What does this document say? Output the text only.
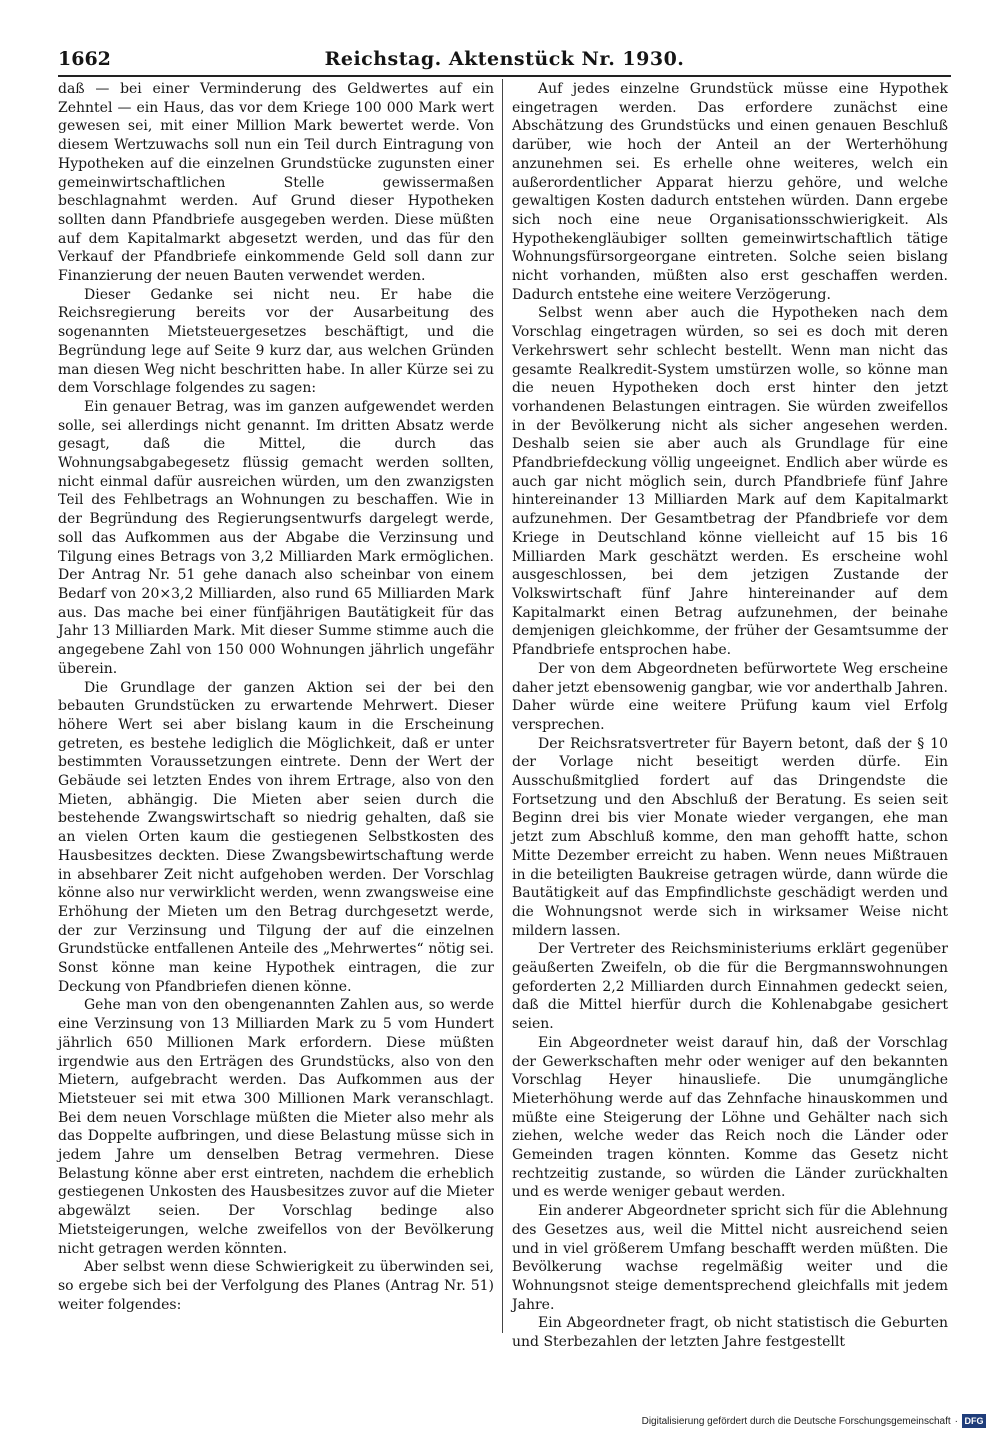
1662	Reichstag. Aktenstück Nr. 1930.

daß — bei einer Verminderung des Geldwertes auf ein Zehntel — ein Haus, das vor dem Kriege 100 000 Mark wert gewesen sei, mit einer Million Mark bewertet werde. Von diesem Wertzuwachs soll nun ein Teil durch Eintragung von Hypotheken auf die einzelnen Grundstücke zugunsten einer gemeinwirtschaftlichen Stelle gewissermaßen beschlagnahmt werden. Auf Grund dieser Hypotheken sollten dann Pfandbriefe ausgegeben werden. Diese müßten auf dem Kapitalmarkt abgesetzt werden, und das für den Verkauf der Pfandbriefe einkommende Geld soll dann zur Finanzierung der neuen Bauten verwendet werden.

Dieser Gedanke sei nicht neu. Er habe die Reichsregierung bereits vor der Ausarbeitung des sogenannten Mietsteuergesetzes beschäftigt, und die Begründung lege auf Seite 9 kurz dar, aus welchen Gründen man diesen Weg nicht beschritten habe. In aller Kürze sei zu dem Vorschlage folgendes zu sagen:

Ein genauer Betrag, was im ganzen aufgewendet werden solle, sei allerdings nicht genannt. Im dritten Absatz werde gesagt, daß die Mittel, die durch das Wohnungsabgabegesetz flüssig gemacht werden sollten, nicht einmal dafür ausreichen würden, um den zwanzigsten Teil des Fehlbetrags an Wohnungen zu beschaffen. Wie in der Begründung des Regierungsentwurfs dargelegt werde, soll das Aufkommen aus der Abgabe die Verzinsung und Tilgung eines Betrags von 3,2 Milliarden Mark ermöglichen. Der Antrag Nr. 51 gehe danach also scheinbar von einem Bedarf von 20×3,2 Milliarden, also rund 65 Milliarden Mark aus. Das mache bei einer fünfjährigen Bautätigkeit für das Jahr 13 Milliarden Mark. Mit dieser Summe stimme auch die angegebene Zahl von 150 000 Wohnungen jährlich ungefähr überein.

Die Grundlage der ganzen Aktion sei der bei den bebauten Grundstücken zu erwartende Mehrwert. Dieser höhere Wert sei aber bislang kaum in die Erscheinung getreten, es bestehe lediglich die Möglichkeit, daß er unter bestimmten Voraussetzungen eintrete. Denn der Wert der Gebäude sei letzten Endes von ihrem Ertrage, also von den Mieten, abhängig. Die Mieten aber seien durch die bestehende Zwangswirtschaft so niedrig gehalten, daß sie an vielen Orten kaum die gestiegenen Selbstkosten des Hausbesitzes deckten. Diese Zwangsbewirtschaftung werde in absehbarer Zeit nicht aufgehoben werden. Der Vorschlag könne also nur verwirklicht werden, wenn zwangsweise eine Erhöhung der Mieten um den Betrag durchgesetzt werde, der zur Verzinsung und Tilgung der auf die einzelnen Grundstücke entfallenen Anteile des „Mehrwertes“ nötig sei. Sonst könne man keine Hypothek eintragen, die zur Deckung von Pfandbriefen dienen könne.

Gehe man von den obengenannten Zahlen aus, so werde eine Verzinsung von 13 Milliarden Mark zu 5 vom Hundert jährlich 650 Millionen Mark erfordern. Diese müßten irgendwie aus den Erträgen des Grundstücks, also von den Mietern, aufgebracht werden. Das Aufkommen aus der Mietsteuer sei mit etwa 300 Millionen Mark veranschlagt. Bei dem neuen Vorschlage müßten die Mieter also mehr als das Doppelte aufbringen, und diese Belastung müsse sich in jedem Jahre um denselben Betrag vermehren. Diese Belastung könne aber erst eintreten, nachdem die erheblich gestiegenen Unkosten des Hausbesitzes zuvor auf die Mieter abgewälzt seien. Der Vorschlag bedinge also Mietsteigerungen, welche zweifellos von der Bevölkerung nicht getragen werden könnten.

Aber selbst wenn diese Schwierigkeit zu überwinden sei, so ergebe sich bei der Verfolgung des Planes (Antrag Nr. 51) weiter folgendes:

Auf jedes einzelne Grundstück müsse eine Hypothek eingetragen werden. Das erfordere zunächst eine Abschätzung des Grundstücks und einen genauen Beschluß darüber, wie hoch der Anteil an der Werterhöhung anzunehmen sei. Es erhelle ohne weiteres, welch ein außerordentlicher Apparat hierzu gehöre, und welche gewaltigen Kosten dadurch entstehen würden. Dann ergebe sich noch eine neue Organisationsschwierigkeit. Als Hypothekengläubiger sollten gemeinwirtschaftlich tätige Wohnungsfürsorgeorgane eintreten. Solche seien bislang nicht vorhanden, müßten also erst geschaffen werden. Dadurch entstehe eine weitere Verzögerung.

Selbst wenn aber auch die Hypotheken nach dem Vorschlag eingetragen würden, so sei es doch mit deren Verkehrswert sehr schlecht bestellt. Wenn man nicht das gesamte Realkredit-System umstürzen wolle, so könne man die neuen Hypotheken doch erst hinter den jetzt vorhandenen Belastungen eintragen. Sie würden zweifellos in der Bevölkerung nicht als sicher angesehen werden. Deshalb seien sie aber auch als Grundlage für eine Pfandbriefdeckung völlig ungeeignet. Endlich aber würde es auch gar nicht möglich sein, durch Pfandbriefe fünf Jahre hintereinander 13 Milliarden Mark auf dem Kapitalmarkt aufzunehmen. Der Gesamtbetrag der Pfandbriefe vor dem Kriege in Deutschland könne vielleicht auf 15 bis 16 Milliarden Mark geschätzt werden. Es erscheine wohl ausgeschlossen, bei dem jetzigen Zustande der Volkswirtschaft fünf Jahre hintereinander auf dem Kapitalmarkt einen Betrag aufzunehmen, der beinahe demjenigen gleichkomme, der früher der Gesamtsumme der Pfandbriefe entsprochen habe.

Der von dem Abgeordneten befürwortete Weg erscheine daher jetzt ebensowenig gangbar, wie vor anderthalb Jahren. Daher würde eine weitere Prüfung kaum viel Erfolg versprechen.

Der Reichsratsvertreter für Bayern betont, daß der § 10 der Vorlage nicht beseitigt werden dürfe. Ein Ausschußmitglied fordert auf das Dringendste die Fortsetzung und den Abschluß der Beratung. Es seien seit Beginn drei bis vier Monate wieder vergangen, ehe man jetzt zum Abschluß komme, den man gehofft hatte, schon Mitte Dezember erreicht zu haben. Wenn neues Mißtrauen in die beteiligten Baukreise getragen würde, dann würde die Bautätigkeit auf das Empfindlichste geschädigt werden und die Wohnungsnot werde sich in wirksamer Weise nicht mildern lassen.

Der Vertreter des Reichsministeriums erklärt gegenüber geäußerten Zweifeln, ob die für die Bergmannswohnungen geforderten 2,2 Milliarden durch Einnahmen gedeckt seien, daß die Mittel hierfür durch die Kohlenabgabe gesichert seien.

Ein Abgeordneter weist darauf hin, daß der Vorschlag der Gewerkschaften mehr oder weniger auf den bekannten Vorschlag Heyer hinausliefe. Die unumgängliche Mieterhöhung werde auf das Zehnfache hinauskommen und müßte eine Steigerung der Löhne und Gehälter nach sich ziehen, welche weder das Reich noch die Länder oder Gemeinden tragen könnten. Komme das Gesetz nicht rechtzeitig zustande, so würden die Länder zurückhalten und es werde weniger gebaut werden.

Ein anderer Abgeordneter spricht sich für die Ablehnung des Gesetzes aus, weil die Mittel nicht ausreichend seien und in viel größerem Umfang beschafft werden müßten. Die Bevölkerung wachse regelmäßig weiter und die Wohnungsnot steige dementsprechend gleichfalls mit jedem Jahre.

Ein Abgeordneter fragt, ob nicht statistisch die Geburten und Sterbezahlen der letzten Jahre festgestellt

Digitalisierung gefördert durch die Deutsche Forschungsgemeinschaft · DFG
